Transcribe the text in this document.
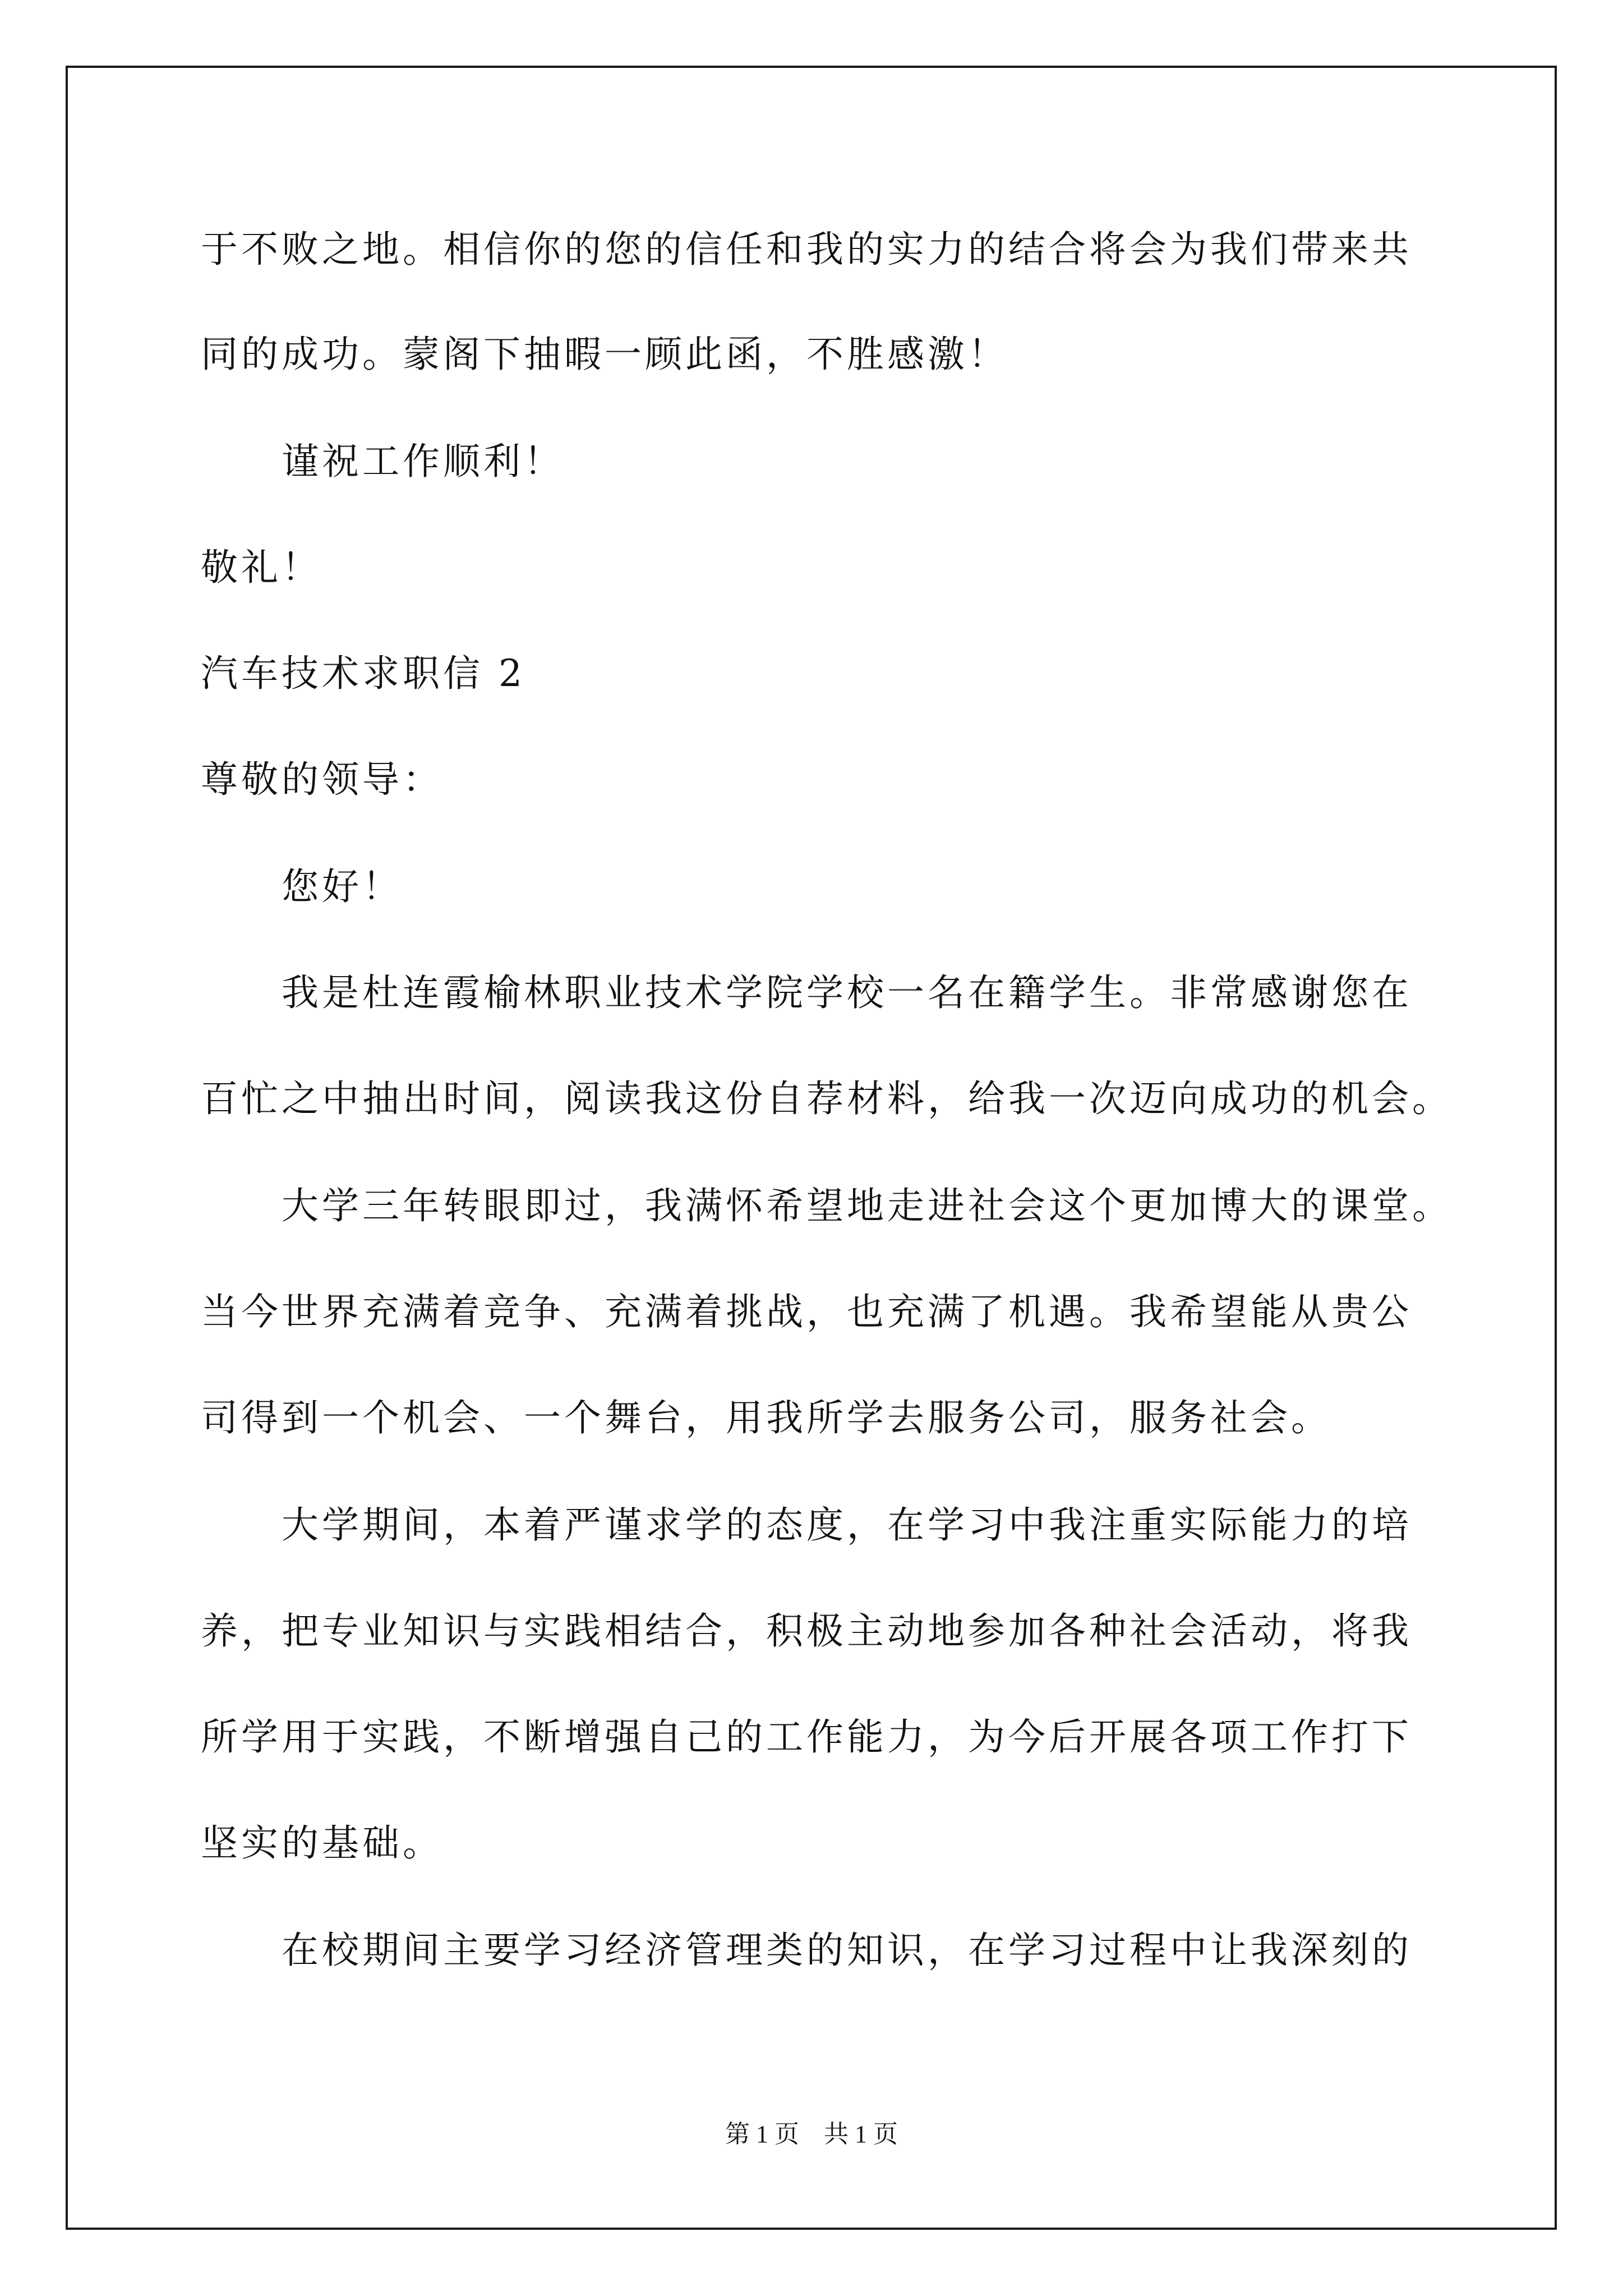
于不败之地。相信你的您的信任和我的实力的结合将会为我们带来共
同的成功。蒙阁下抽暇一顾此函，不胜感激！
谨祝工作顺利！
敬礼！
汽车技术求职信 2
尊敬的领导：
您好！
我是杜连霞榆林职业技术学院学校一名在籍学生。非常感谢您在
百忙之中抽出时间，阅读我这份自荐材料，给我一次迈向成功的机会。
大学三年转眼即过，我满怀希望地走进社会这个更加博大的课堂。
当今世界充满着竞争、充满着挑战，也充满了机遇。我希望能从贵公
司得到一个机会、一个舞台，用我所学去服务公司，服务社会。
大学期间，本着严谨求学的态度，在学习中我注重实际能力的培
养，把专业知识与实践相结合，积极主动地参加各种社会活动，将我
所学用于实践，不断增强自己的工作能力，为今后开展各项工作打下
坚实的基础。
在校期间主要学习经济管理类的知识，在学习过程中让我深刻的
第 1 页　共 1 页
